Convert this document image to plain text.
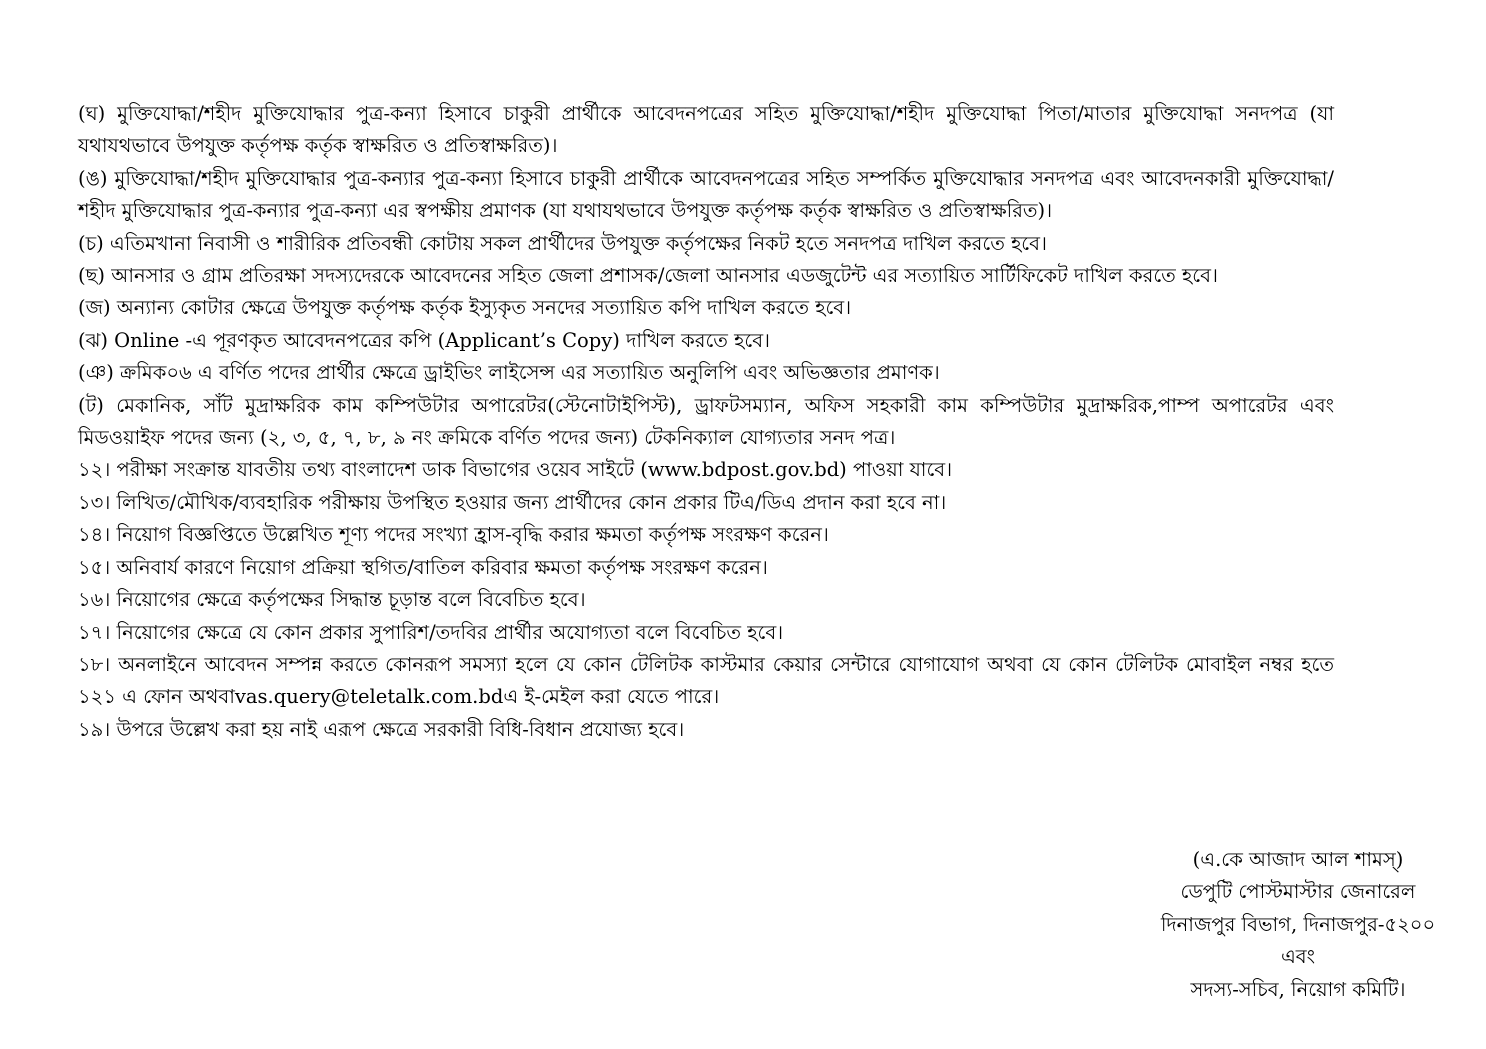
(ঘ) মুক্তিযোদ্ধা/শহীদ মুক্তিযোদ্ধার পুত্র-কন্যা হিসাবে চাকুরী প্রার্থীকে আবেদনপত্রের সহিত মুক্তিযোদ্ধা/শহীদ মুক্তিযোদ্ধা পিতা/মাতার মুক্তিযোদ্ধা সনদপত্র (যা যথাযথভাবে উপযুক্ত কর্তৃপক্ষ কর্তৃক স্বাক্ষরিত ও প্রতিস্বাক্ষরিত)।

(ঙ) মুক্তিযোদ্ধা/শহীদ মুক্তিযোদ্ধার পুত্র-কন্যার পুত্র-কন্যা হিসাবে চাকুরী প্রার্থীকে আবেদনপত্রের সহিত সম্পর্কিত মুক্তিযোদ্ধার সনদপত্র এবং আবেদনকারী মুক্তিযোদ্ধা/শহীদ মুক্তিযোদ্ধার পুত্র-কন্যার পুত্র-কন্যা এর স্বপক্ষীয় প্রমাণক (যা যথাযথভাবে উপযুক্ত কর্তৃপক্ষ কর্তৃক স্বাক্ষরিত ও প্রতিস্বাক্ষরিত)।

(চ) এতিমখানা নিবাসী ও শারীরিক প্রতিবন্ধী কোটায় সকল প্রার্থীদের উপযুক্ত কর্তৃপক্ষের নিকট হতে সনদপত্র দাখিল করতে হবে।

(ছ) আনসার ও গ্রাম প্রতিরক্ষা সদস্যদেরকে আবেদনের সহিত জেলা প্রশাসক/জেলা আনসার এডজুটেন্ট এর সত্যায়িত সার্টিফিকেট দাখিল করতে হবে।

(জ) অন্যান্য কোটার ক্ষেত্রে উপযুক্ত কর্তৃপক্ষ কর্তৃক ইস্যুকৃত সনদের সত্যায়িত কপি দাখিল করতে হবে।

(ঝ) Online -এ পূরণকৃত আবেদনপত্রের কপি (Applicant’s Copy) দাখিল করতে হবে।

(ঞ) ক্রমিক০৬ এ বর্ণিত পদের প্রার্থীর ক্ষেত্রে ড্রাইভিং লাইসেন্স এর সত্যায়িত অনুলিপি এবং অভিজ্ঞতার প্রমাণক।

(ট) মেকানিক, সাঁট মুদ্রাক্ষরিক কাম কম্পিউটার অপারেটর(স্টেনোটাইপিস্ট), ড্রাফটসম্যান, অফিস সহকারী কাম কম্পিউটার মুদ্রাক্ষরিক,পাম্প অপারেটর এবং মিডওয়াইফ পদের জন্য (২, ৩, ৫, ৭, ৮, ৯ নং ক্রমিকে বর্ণিত পদের জন্য) টেকনিক্যাল যোগ্যতার সনদ পত্র।

১২। পরীক্ষা সংক্রান্ত যাবতীয় তথ্য বাংলাদেশ ডাক বিভাগের ওয়েব সাইটে (www.bdpost.gov.bd) পাওয়া যাবে।

১৩। লিখিত/মৌখিক/ব্যবহারিক পরীক্ষায় উপস্থিত হওয়ার জন্য প্রার্থীদের কোন প্রকার টিএ/ডিএ প্রদান করা হবে না।

১৪। নিয়োগ বিজ্ঞপ্তিতে উল্লেখিত শূণ্য পদের সংখ্যা হ্রাস-বৃদ্ধি করার ক্ষমতা কর্তৃপক্ষ সংরক্ষণ করেন।

১৫। অনিবার্য কারণে নিয়োগ প্রক্রিয়া স্থগিত/বাতিল করিবার ক্ষমতা কর্তৃপক্ষ সংরক্ষণ করেন।

১৬। নিয়োগের ক্ষেত্রে কর্তৃপক্ষের সিদ্ধান্ত চূড়ান্ত বলে বিবেচিত হবে।

১৭। নিয়োগের ক্ষেত্রে যে কোন প্রকার সুপারিশ/তদবির প্রার্থীর অযোগ্যতা বলে বিবেচিত হবে।

১৮। অনলাইনে আবেদন সম্পন্ন করতে কোনরূপ সমস্যা হলে যে কোন টেলিটক কাস্টমার কেয়ার সেন্টারে যোগাযোগ অথবা যে কোন টেলিটক মোবাইল নম্বর হতে ১২১ এ ফোন অথবাvas.query@teletalk.com.bdএ ই-মেইল করা যেতে পারে।

১৯। উপরে উল্লেখ করা হয় নাই এরূপ ক্ষেত্রে সরকারী বিধি-বিধান প্রযোজ্য হবে।

(এ.কে আজাদ আল শামস্)
ডেপুটি পোস্টমাস্টার জেনারেল
দিনাজপুর বিভাগ, দিনাজপুর-৫২০০
এবং
সদস্য-সচিব, নিয়োগ কমিটি।
